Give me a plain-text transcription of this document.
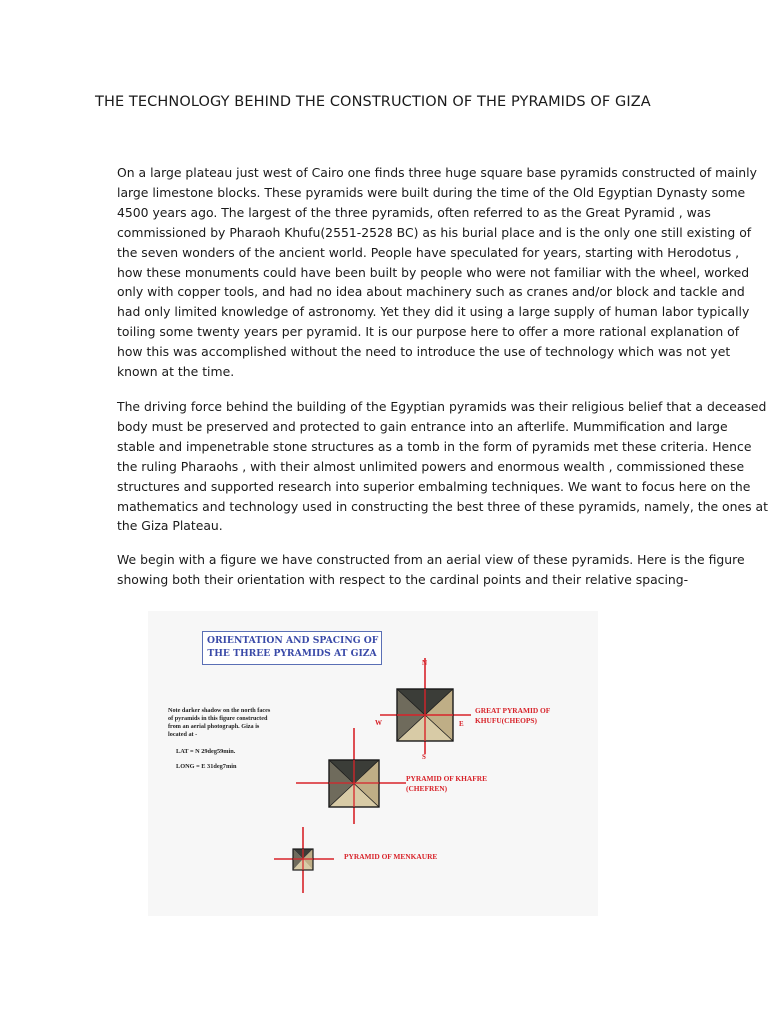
THE TECHNOLOGY BEHIND THE CONSTRUCTION OF THE PYRAMIDS OF GIZA

On a large plateau just west of Cairo one finds three huge square base pyramids constructed of mainly
large limestone blocks. These pyramids were built during the time of the Old Egyptian Dynasty some
4500 years ago. The largest of the three pyramids, often referred to as the Great Pyramid , was
commissioned by Pharaoh Khufu(2551-2528 BC) as his burial place and is the only one still existing of
the seven wonders of the ancient world. People have speculated for years, starting with Herodotus ,
how these monuments could have been built by people who were not familiar with the wheel, worked
only with copper tools, and had no idea about machinery such as cranes and/or block and tackle and
had only limited knowledge of astronomy. Yet they did it using a large supply of human labor typically
toiling some twenty years per pyramid. It is our purpose here to offer a more rational explanation of
how this was accomplished without the need to introduce the use of technology which was not yet
known at the time.

The driving force behind the building of the Egyptian pyramids was their religious belief that a deceased
body must be preserved and protected to gain entrance into an afterlife. Mummification and large
stable and impenetrable stone structures as a tomb in the form of pyramids met these criteria. Hence
the ruling Pharaohs , with their almost unlimited powers and enormous wealth , commissioned these
structures and supported research into superior embalming techniques. We want to focus here on the
mathematics and technology used in constructing the best three of these pyramids, namely, the ones at
the Giza Plateau.

We begin with a figure we have constructed from an aerial view of these pyramids. Here is the figure
showing both their orientation with respect to the cardinal points and their relative spacing-

ORIENTATION AND SPACING OF
THE THREE PYRAMIDS AT GIZA
Note darker shadow on the north faces
of pyramids in this figure constructed
from an aerial photograph. Giza is
located at -
LAT = N 29deg59min.
LONG = E 31deg7min
N
S
W	E
GREAT PYRAMID OF
KHUFU(CHEOPS)
PYRAMID OF KHAFRE
(CHEFREN)
PYRAMID OF MENKAURE
